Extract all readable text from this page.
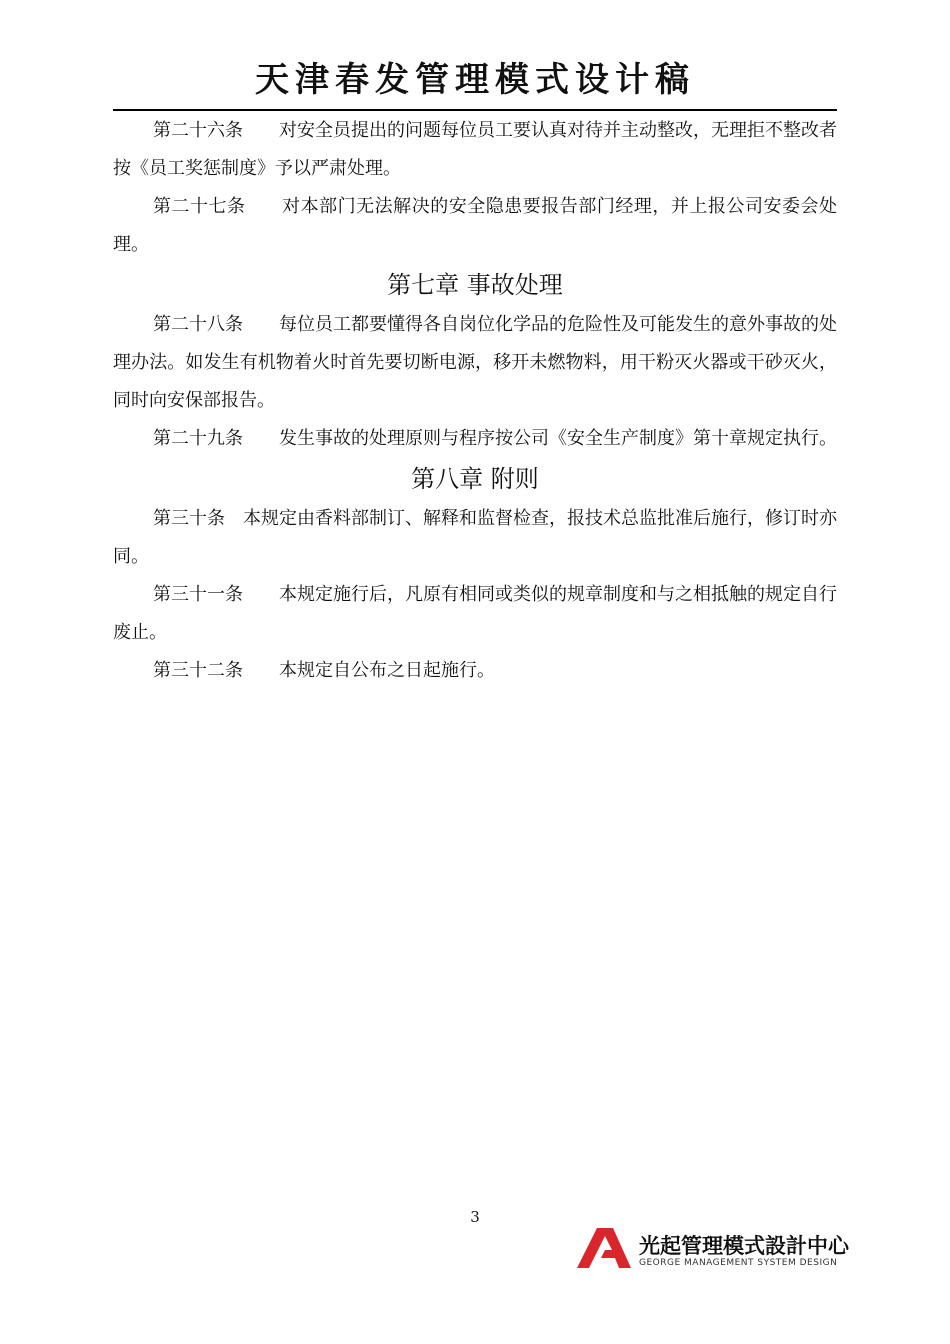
天津春发管理模式设计稿

第二十六条 对安全员提出的问题每位员工要认真对待并主动整改，无理拒不整改者按《员工奖惩制度》予以严肃处理。

第二十七条 对本部门无法解决的安全隐患要报告部门经理，并上报公司安委会处理。

第七章 事故处理

第二十八条 每位员工都要懂得各自岗位化学品的危险性及可能发生的意外事故的处理办法。如发生有机物着火时首先要切断电源，移开未燃物料，用干粉灭火器或干砂灭火，同时向安保部报告。

第二十九条 发生事故的处理原则与程序按公司《安全生产制度》第十章规定执行。

第八章 附则

第三十条 本规定由香料部制订、解释和监督检查，报技术总监批准后施行，修订时亦同。

第三十一条 本规定施行后，凡原有相同或类似的规章制度和与之相抵触的规定自行废止。

第三十二条 本规定自公布之日起施行。

3
光起管理模式設計中心
GEORGE MANAGEMENT SYSTEM DESIGN
